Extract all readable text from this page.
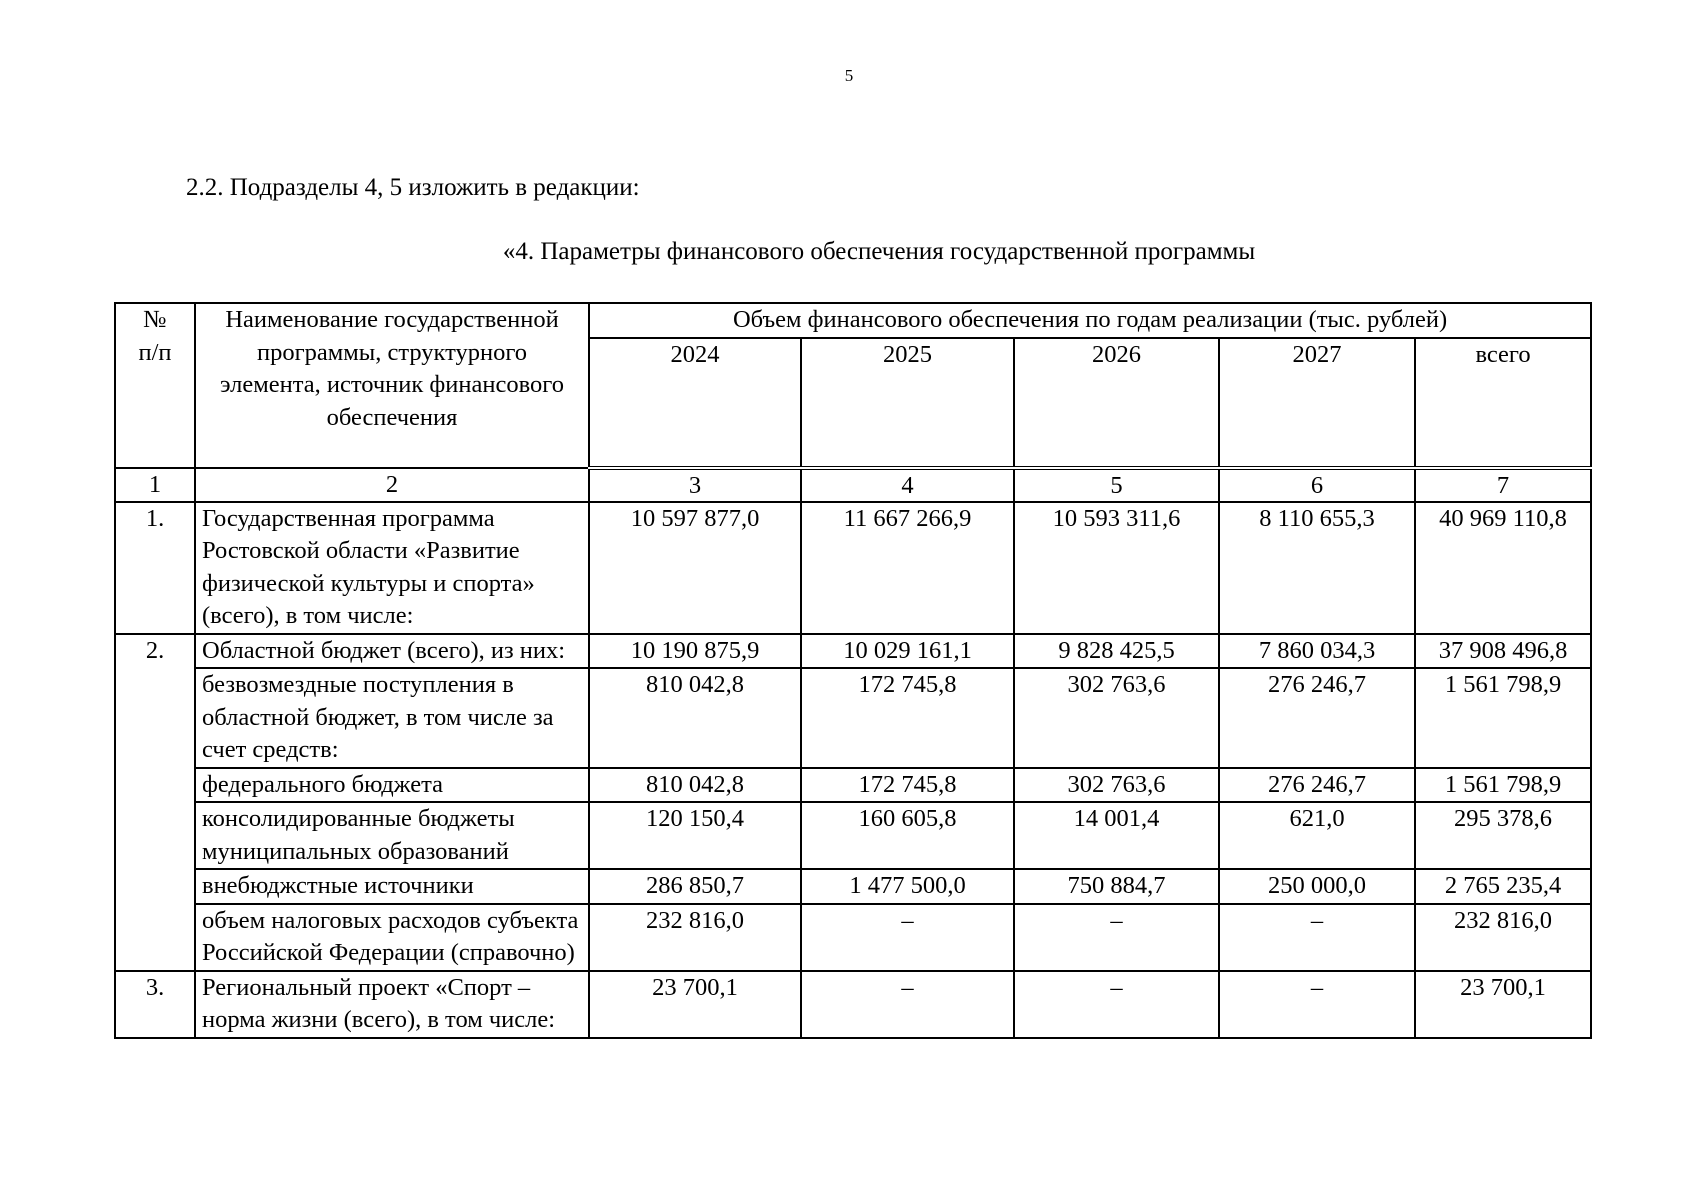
5
2.2. Подразделы 4, 5 изложить в редакции:
«4. Параметры финансового обеспечения государственной программы
№ п/п	Наименование государственной программы, структурного элемента, источник финансового обеспечения	Объем финансового обеспечения по годам реализации (тыс. рублей)				
		2024	2025	2026	2027	всего
1	2	3	4	5	6	7
1.	Государственная программа Ростовской области «Развитие физической культуры и спорта» (всего), в том числе:	10 597 877,0	11 667 266,9	10 593 311,6	8 110 655,3	40 969 110,8
2.	Областной бюджет (всего), из них:	10 190 875,9	10 029 161,1	9 828 425,5	7 860 034,3	37 908 496,8
	безвозмездные поступления в областной бюджет, в том числе за счет средств:	810 042,8	172 745,8	302 763,6	276 246,7	1 561 798,9
	федерального бюджета	810 042,8	172 745,8	302 763,6	276 246,7	1 561 798,9
	консолидированные бюджеты муниципальных образований	120 150,4	160 605,8	14 001,4	621,0	295 378,6
	внебюджстные источники	286 850,7	1 477 500,0	750 884,7	250 000,0	2 765 235,4
	объем налоговых расходов субъекта Российской Федерации (справочно)	232 816,0	–	–	–	232 816,0
3.	Региональный проект «Спорт – норма жизни (всего), в том числе:	23 700,1	–	–	–	23 700,1
